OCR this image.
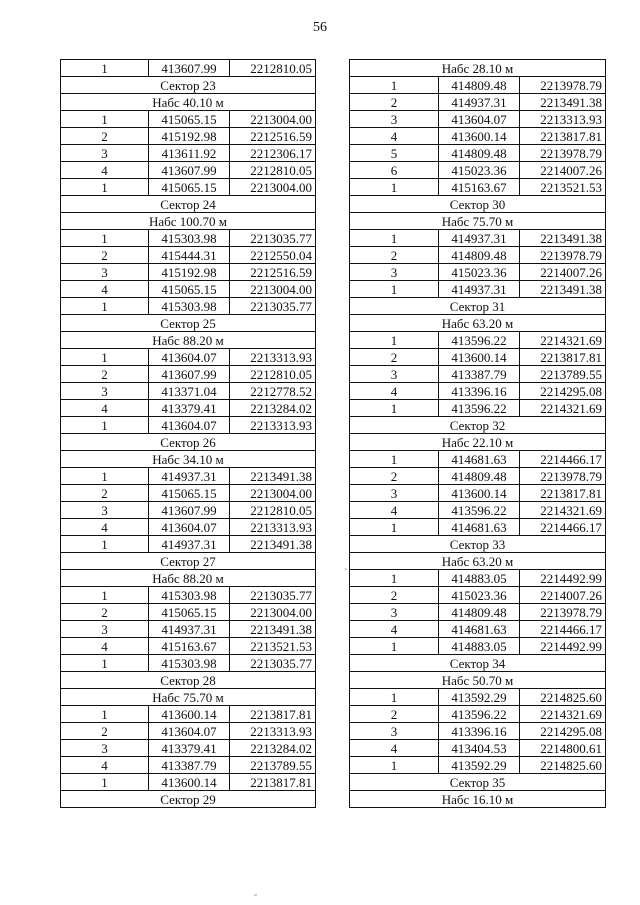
56
1	413607.99	2212810.05
Сектор 23		
Набс 40.10 м		
1	415065.15	2213004.00
2	415192.98	2212516.59
3	413611.92	2212306.17
4	413607.99	2212810.05
1	415065.15	2213004.00
Сектор 24		
Набс 100.70 м		
1	415303.98	2213035.77
2	415444.31	2212550.04
3	415192.98	2212516.59
4	415065.15	2213004.00
1	415303.98	2213035.77
Сектор 25		
Набс 88.20 м		
1	413604.07	2213313.93
2	413607.99	2212810.05
3	413371.04	2212778.52
4	413379.41	2213284.02
1	413604.07	2213313.93
Сектор 26		
Набс 34.10 м		
1	414937.31	2213491.38
2	415065.15	2213004.00
3	413607.99	2212810.05
4	413604.07	2213313.93
1	414937.31	2213491.38
Сектор 27		
Набс 88.20 м		
1	415303.98	2213035.77
2	415065.15	2213004.00
3	414937.31	2213491.38
4	415163.67	2213521.53
1	415303.98	2213035.77
Сектор 28		
Набс 75.70 м		
1	413600.14	2213817.81
2	413604.07	2213313.93
3	413379.41	2213284.02
4	413387.79	2213789.55
1	413600.14	2213817.81
Сектор 29		
Набс 28.10 м		
1	414809.48	2213978.79
2	414937.31	2213491.38
3	413604.07	2213313.93
4	413600.14	2213817.81
5	414809.48	2213978.79
6	415023.36	2214007.26
1	415163.67	2213521.53
Сектор 30		
Набс 75.70 м		
1	414937.31	2213491.38
2	414809.48	2213978.79
3	415023.36	2214007.26
1	414937.31	2213491.38
Сектор 31		
Набс 63.20 м		
1	413596.22	2214321.69
2	413600.14	2213817.81
3	413387.79	2213789.55
4	413396.16	2214295.08
1	413596.22	2214321.69
Сектор 32		
Набс 22.10 м		
1	414681.63	2214466.17
2	414809.48	2213978.79
3	413600.14	2213817.81
4	413596.22	2214321.69
1	414681.63	2214466.17
Сектор 33		
Набс 63.20 м		
1	414883.05	2214492.99
2	415023.36	2214007.26
3	414809.48	2213978.79
4	414681.63	2214466.17
1	414883.05	2214492.99
Сектор 34		
Набс 50.70 м		
1	413592.29	2214825.60
2	413596.22	2214321.69
3	413396.16	2214295.08
4	413404.53	2214800.61
1	413592.29	2214825.60
Сектор 35		
Набс 16.10 м		
